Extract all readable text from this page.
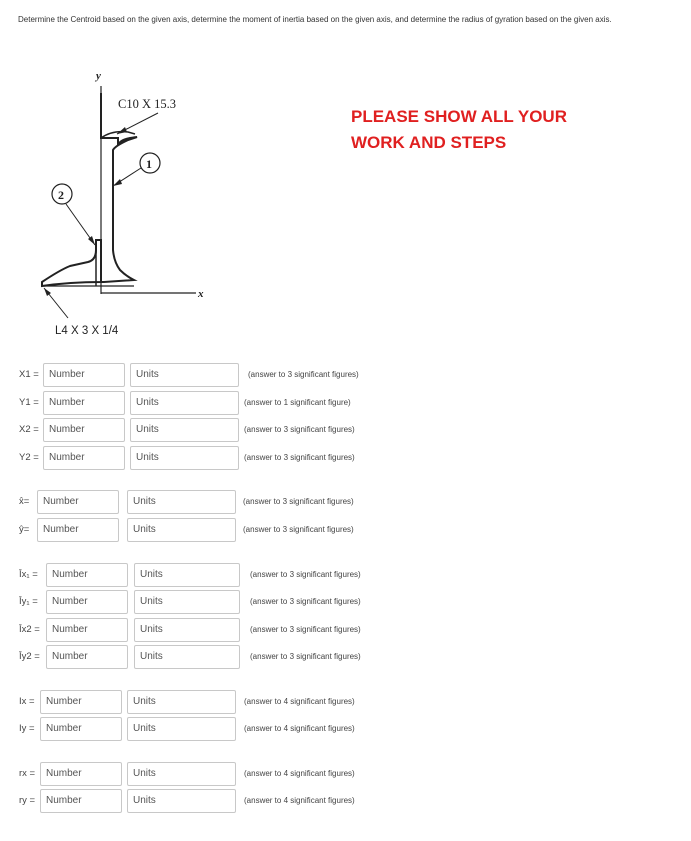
Determine the Centroid based on the given axis, determine the moment of inertia based on the given axis, and determine the radius of gyration based on the given axis.
PLEASE SHOW ALL YOUR
WORK AND STEPS
y
x
C10 X 15.3
1
2
L4 X 3 X 1/4
X1 =	Number	Units	(answer to 3 significant figures)
Y1 =	Number	Units	(answer to 1 significant figure)
X2 =	Number	Units	(answer to 3 significant figures)
Y2 =	Number	Units	(answer to 3 significant figures)
x̂=	Number	Units	(answer to 3 significant figures)
ŷ=	Number	Units	(answer to 3 significant figures)
Īx₁ =	Number	Units	(answer to 3 significant figures)
Īy₁ =	Number	Units	(answer to 3 significant figures)
Īx2 =	Number	Units	(answer to 3 significant figures)
Īy2 =	Number	Units	(answer to 3 significant figures)
Ix =	Number	Units	(answer to 4 significant figures)
Iy =	Number	Units	(answer to 4 significant figures)
rx =	Number	Units	(answer to 4 significant figures)
ry =	Number	Units	(answer to 4 significant figures)
